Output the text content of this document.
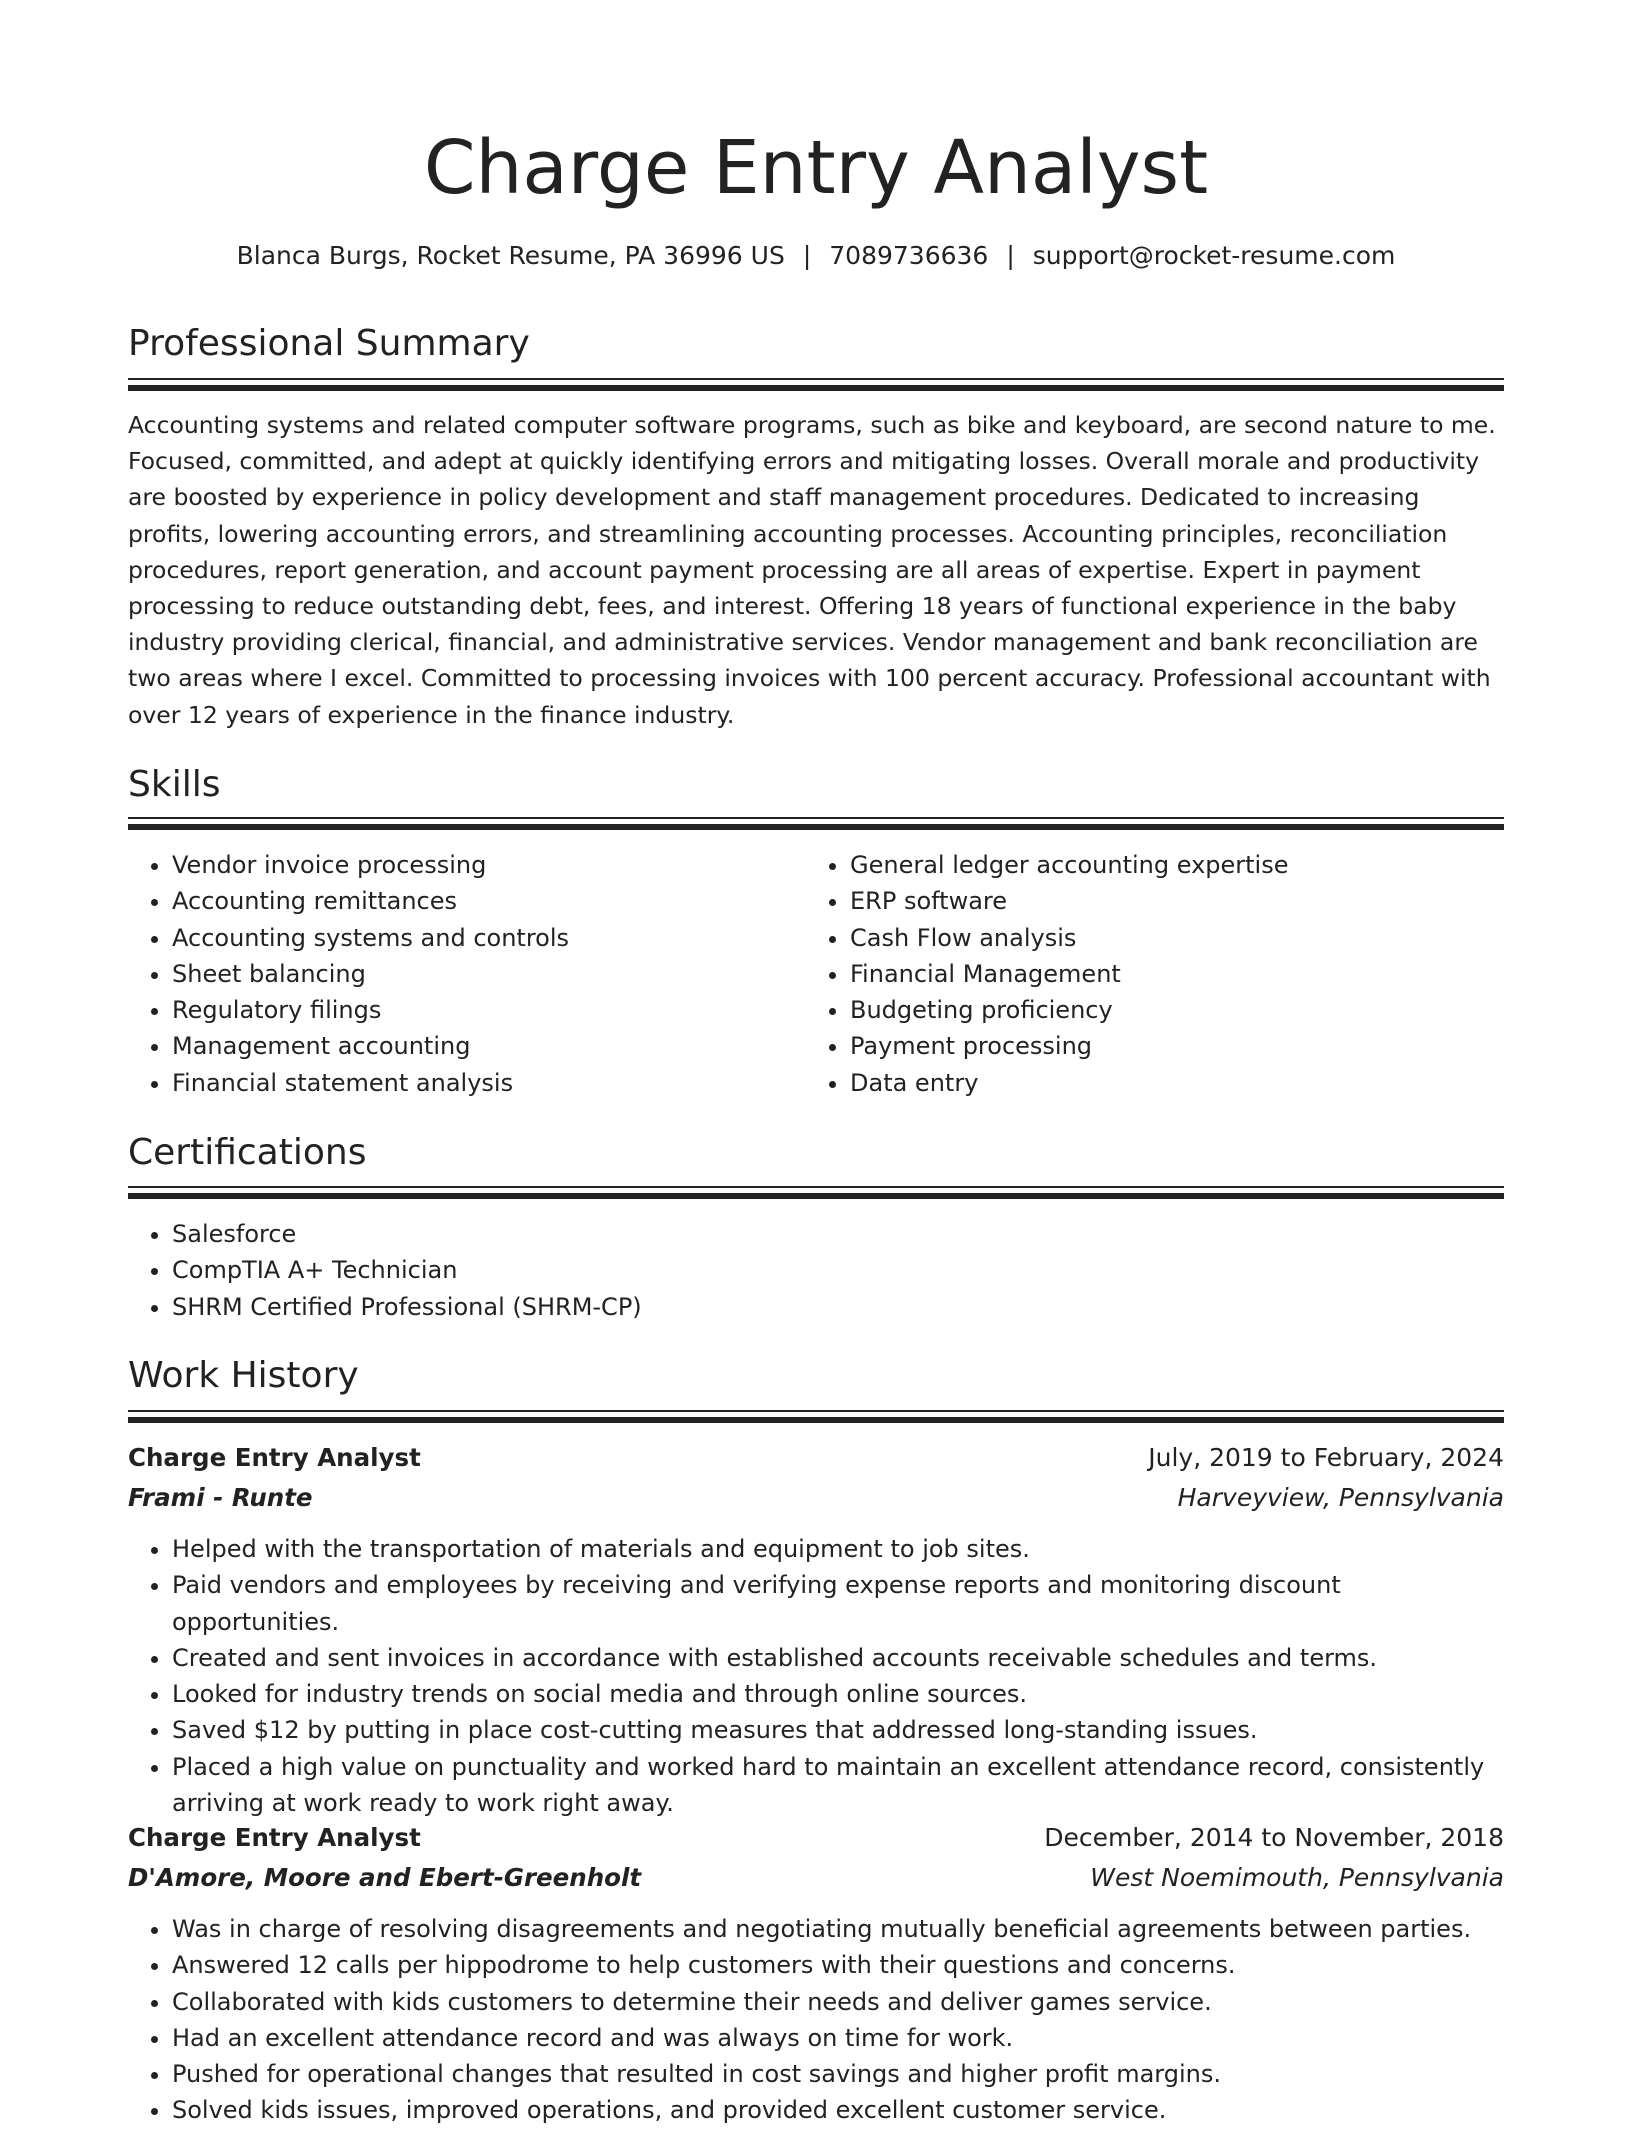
Charge Entry Analyst
Blanca Burgs, Rocket Resume, PA 36996 US | 7089736636 | support@rocket-resume.com
Professional Summary

Accounting systems and related computer software programs, such as bike and keyboard, are second nature to me. Focused, committed, and adept at quickly identifying errors and mitigating losses. Overall morale and productivity are boosted by experience in policy development and staff management procedures. Dedicated to increasing profits, lowering accounting errors, and streamlining accounting processes. Accounting principles, reconciliation procedures, report generation, and account payment processing are all areas of expertise. Expert in payment processing to reduce outstanding debt, fees, and interest. Offering 18 years of functional experience in the baby industry providing clerical, financial, and administrative services. Vendor management and bank reconciliation are two areas where I excel. Committed to processing invoices with 100 percent accuracy. Professional accountant with over 12 years of experience in the finance industry.

Skills
• Vendor invoice processing
• Accounting remittances
• Accounting systems and controls
• Sheet balancing
• Regulatory filings
• Management accounting
• Financial statement analysis
• General ledger accounting expertise
• ERP software
• Cash Flow analysis
• Financial Management
• Budgeting proficiency
• Payment processing
• Data entry
Certifications
• Salesforce
• CompTIA A+ Technician
• SHRM Certified Professional (SHRM-CP)
Work History
Charge Entry Analyst	July, 2019 to February, 2024
Frami - Runte	Harveyview, Pennsylvania
• Helped with the transportation of materials and equipment to job sites.
• Paid vendors and employees by receiving and verifying expense reports and monitoring discount opportunities.
• Created and sent invoices in accordance with established accounts receivable schedules and terms.
• Looked for industry trends on social media and through online sources.
• Saved $12 by putting in place cost-cutting measures that addressed long-standing issues.
• Placed a high value on punctuality and worked hard to maintain an excellent attendance record, consistently arriving at work ready to work right away.
Charge Entry Analyst	December, 2014 to November, 2018
D'Amore, Moore and Ebert-Greenholt	West Noemimouth, Pennsylvania
• Was in charge of resolving disagreements and negotiating mutually beneficial agreements between parties.
• Answered 12 calls per hippodrome to help customers with their questions and concerns.
• Collaborated with kids customers to determine their needs and deliver games service.
• Had an excellent attendance record and was always on time for work.
• Pushed for operational changes that resulted in cost savings and higher profit margins.
• Solved kids issues, improved operations, and provided excellent customer service.
